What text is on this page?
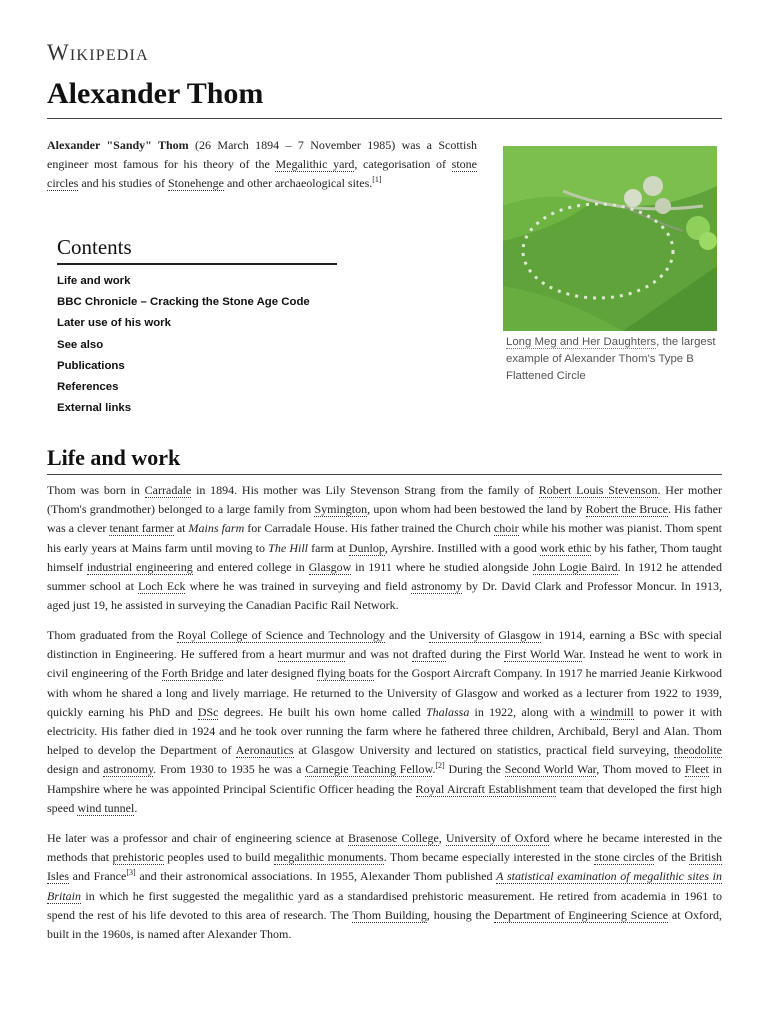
Wikipedia
Alexander Thom
Alexander "Sandy" Thom (26 March 1894 – 7 November 1985) was a Scottish engineer most famous for his theory of the Megalithic yard, categorisation of stone circles and his studies of Stonehenge and other archaeological sites.[1]
Long Meg and Her Daughters, the largest example of Alexander Thom's Type B Flattened Circle
Contents
Life and work
BBC Chronicle – Cracking the Stone Age Code
Later use of his work
See also
Publications
References
External links
Life and work
Thom was born in Carradale in 1894. His mother was Lily Stevenson Strang from the family of Robert Louis Stevenson. Her mother (Thom's grandmother) belonged to a large family from Symington, upon whom had been bestowed the land by Robert the Bruce. His father was a clever tenant farmer at Mains farm for Carradale House. His father trained the Church choir while his mother was pianist. Thom spent his early years at Mains farm until moving to The Hill farm at Dunlop, Ayrshire. Instilled with a good work ethic by his father, Thom taught himself industrial engineering and entered college in Glasgow in 1911 where he studied alongside John Logie Baird. In 1912 he attended summer school at Loch Eck where he was trained in surveying and field astronomy by Dr. David Clark and Professor Moncur. In 1913, aged just 19, he assisted in surveying the Canadian Pacific Rail Network.
Thom graduated from the Royal College of Science and Technology and the University of Glasgow in 1914, earning a BSc with special distinction in Engineering. He suffered from a heart murmur and was not drafted during the First World War. Instead he went to work in civil engineering of the Forth Bridge and later designed flying boats for the Gosport Aircraft Company. In 1917 he married Jeanie Kirkwood with whom he shared a long and lively marriage. He returned to the University of Glasgow and worked as a lecturer from 1922 to 1939, quickly earning his PhD and DSc degrees. He built his own home called Thalassa in 1922, along with a windmill to power it with electricity. His father died in 1924 and he took over running the farm where he fathered three children, Archibald, Beryl and Alan. Thom helped to develop the Department of Aeronautics at Glasgow University and lectured on statistics, practical field surveying, theodolite design and astronomy. From 1930 to 1935 he was a Carnegie Teaching Fellow.[2] During the Second World War, Thom moved to Fleet in Hampshire where he was appointed Principal Scientific Officer heading the Royal Aircraft Establishment team that developed the first high speed wind tunnel.
He later was a professor and chair of engineering science at Brasenose College, University of Oxford where he became interested in the methods that prehistoric peoples used to build megalithic monuments. Thom became especially interested in the stone circles of the British Isles and France[3] and their astronomical associations. In 1955, Alexander Thom published A statistical examination of megalithic sites in Britain in which he first suggested the megalithic yard as a standardised prehistoric measurement. He retired from academia in 1961 to spend the rest of his life devoted to this area of research. The Thom Building, housing the Department of Engineering Science at Oxford, built in the 1960s, is named after Alexander Thom.
